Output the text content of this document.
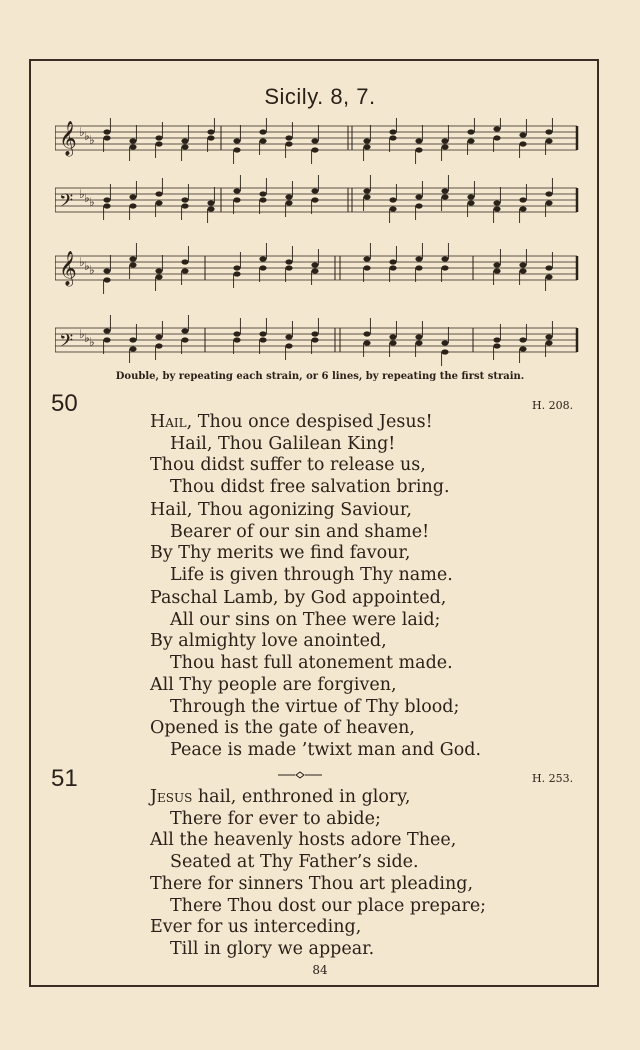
Sicily. 8, 7.
𝄞 ♭ ♭ ♭
𝄢 ♭ ♭ ♭
𝄞 ♭ ♭ ♭
𝄢 ♭ ♭ ♭
Double, by repeating each strain, or 6 lines, by repeating the first strain.
50	H. 208.
Hail, Thou once despised Jesus!
Hail, Thou Galilean King!
Thou didst suffer to release us,
Thou didst free salvation bring.
Hail, Thou agonizing Saviour,
Bearer of our sin and shame!
By Thy merits we find favour,
Life is given through Thy name.
Paschal Lamb, by God appointed,
All our sins on Thee were laid;
By almighty love anointed,
Thou hast full atonement made.
All Thy people are forgiven,
Through the virtue of Thy blood;
Opened is the gate of heaven,
Peace is made ’twixt man and God.
51	H. 253.
Jesus hail, enthroned in glory,
There for ever to abide;
All the heavenly hosts adore Thee,
Seated at Thy Father’s side.
There for sinners Thou art pleading,
There Thou dost our place prepare;
Ever for us interceding,
Till in glory we appear.
84
